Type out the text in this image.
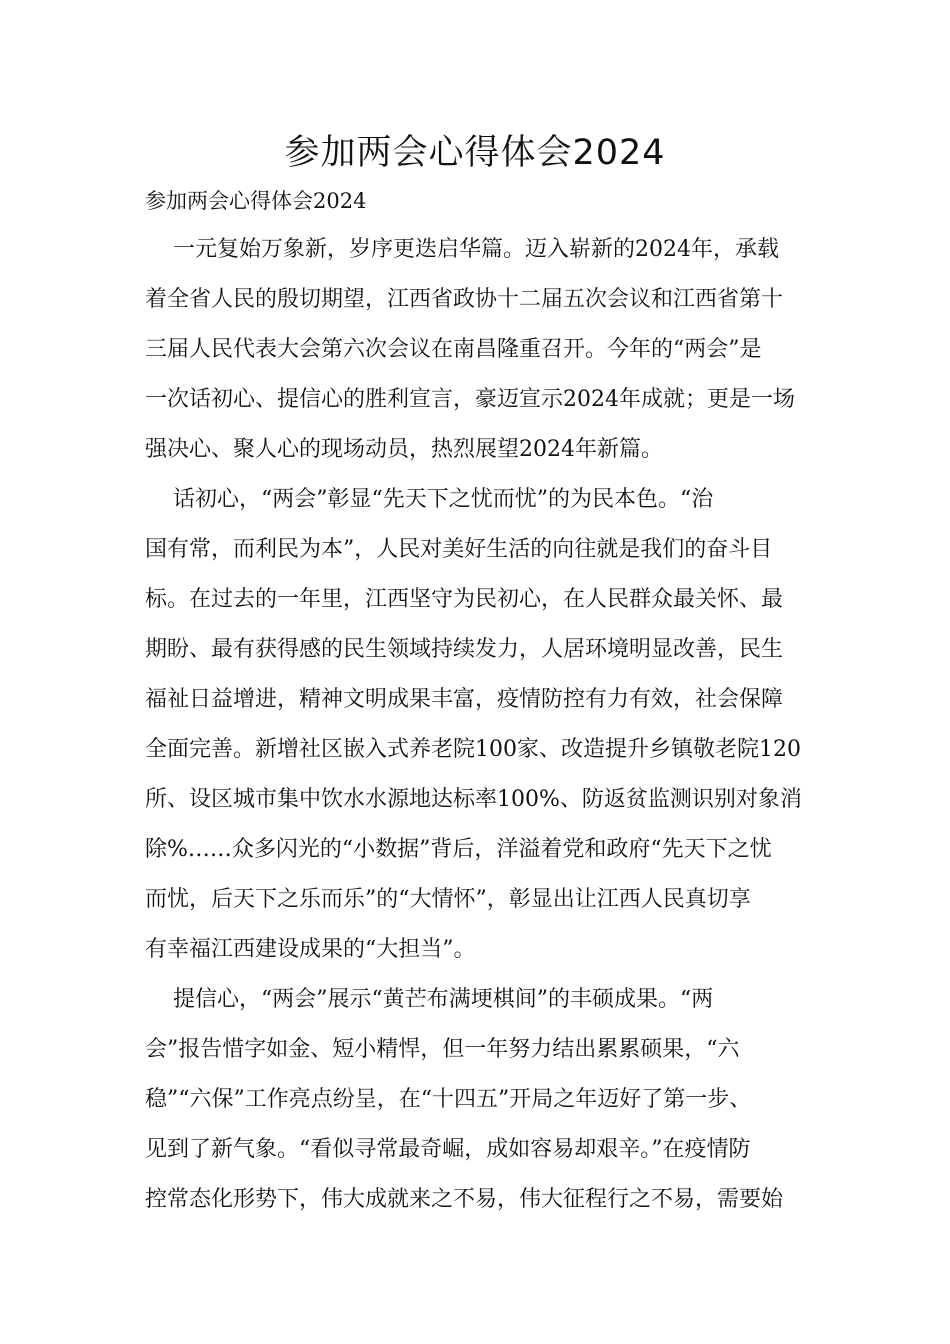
参加两会心得体会2024
参加两会心得体会2024
一元复始万象新，岁序更迭启华篇。迈入崭新的2024年，承载
着全省人民的殷切期望，江西省政协十二届五次会议和江西省第十
三届人民代表大会第六次会议在南昌隆重召开。今年的“两会”是
一次话初心、提信心的胜利宣言，豪迈宣示2024年成就；更是一场
强决心、聚人心的现场动员，热烈展望2024年新篇。
话初心，“两会”彰显“先天下之忧而忧”的为民本色。“治
国有常，而利民为本”，人民对美好生活的向往就是我们的奋斗目
标。在过去的一年里，江西坚守为民初心，在人民群众最关怀、最
期盼、最有获得感的民生领域持续发力，人居环境明显改善，民生
福祉日益增进，精神文明成果丰富，疫情防控有力有效，社会保障
全面完善。新增社区嵌入式养老院100家、改造提升乡镇敬老院120
所、设区城市集中饮水水源地达标率100%、防返贫监测识别对象消
除%……众多闪光的“小数据”背后，洋溢着党和政府“先天下之忧
而忧，后天下之乐而乐”的“大情怀”，彰显出让江西人民真切享
有幸福江西建设成果的“大担当”。
提信心，“两会”展示“黄芒布满埂棋间”的丰硕成果。“两
会”报告惜字如金、短小精悍，但一年努力结出累累硕果，“六
稳”“六保”工作亮点纷呈，在“十四五”开局之年迈好了第一步、
见到了新气象。“看似寻常最奇崛，成如容易却艰辛。”在疫情防
控常态化形势下，伟大成就来之不易，伟大征程行之不易，需要始
